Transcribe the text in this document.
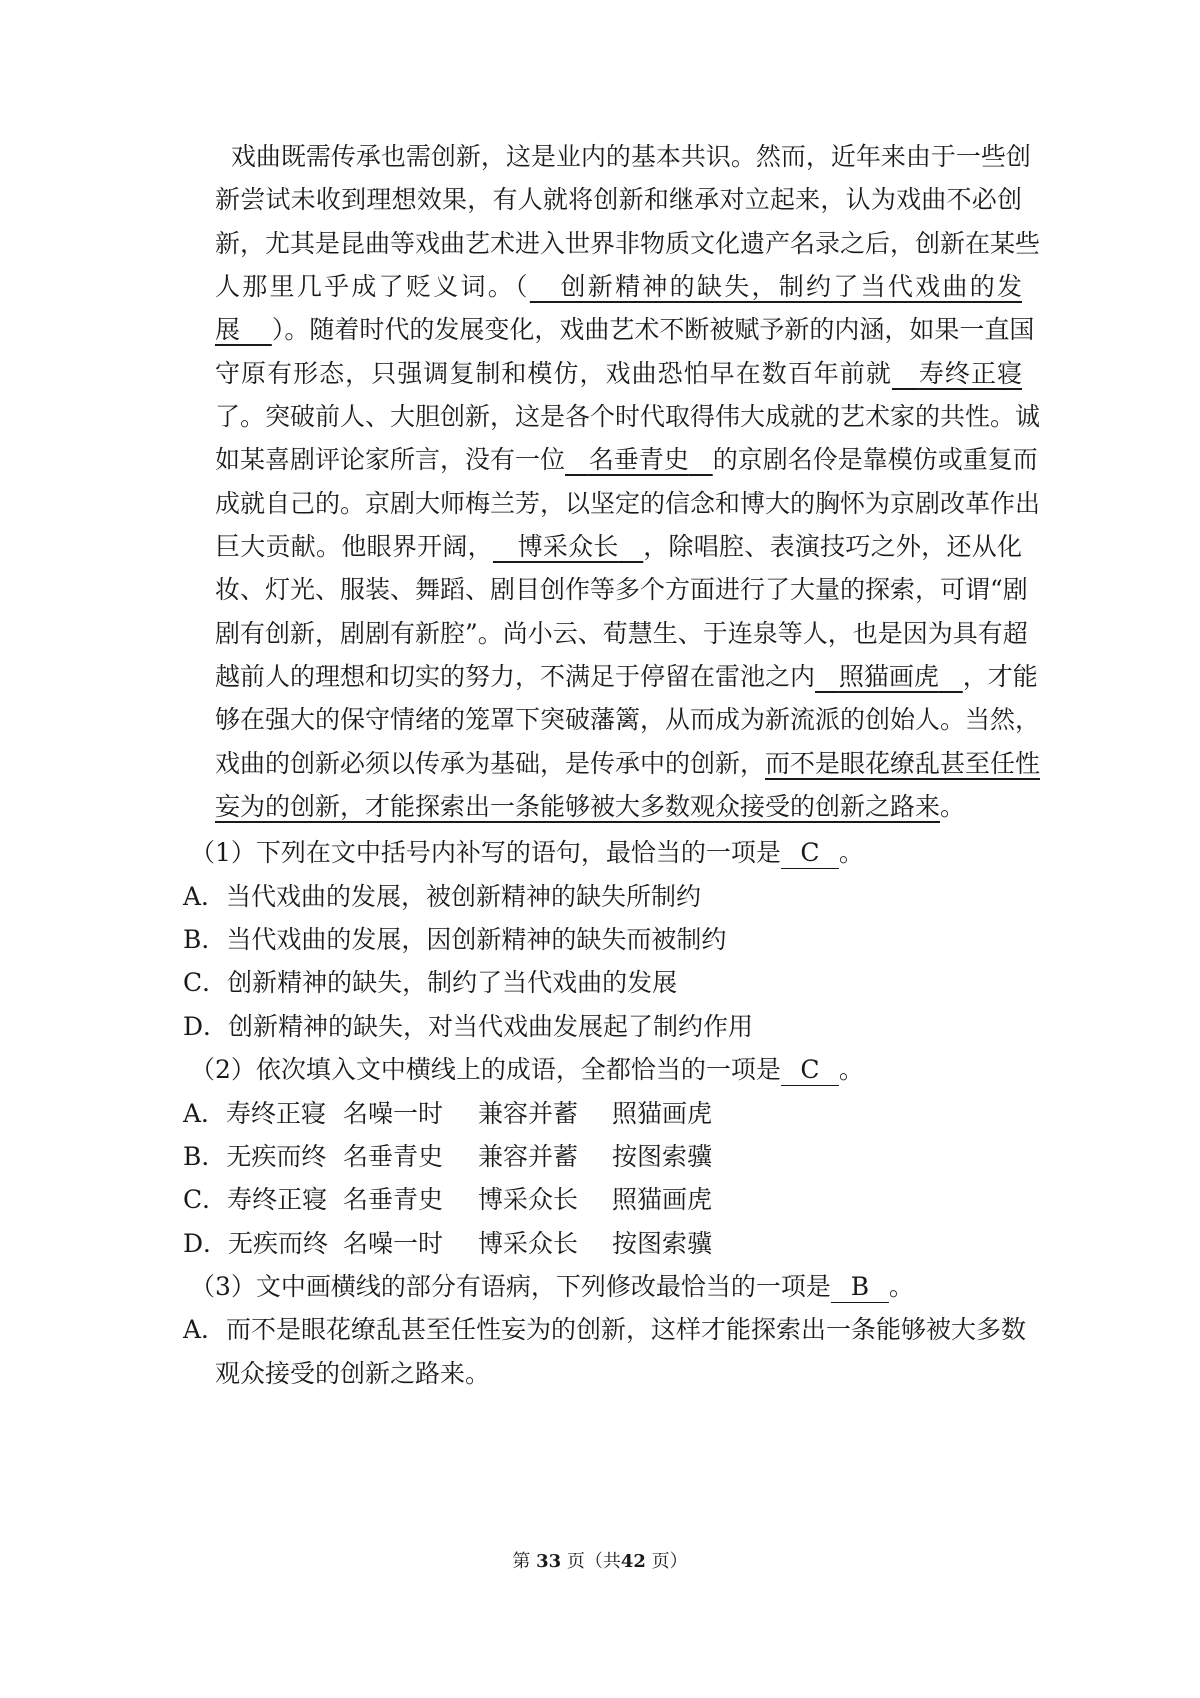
戏曲既需传承也需创新，这是业内的基本共识。然而，近年来由于一些创
新尝试未收到理想效果，有人就将创新和继承对立起来，认为戏曲不必创
新，尤其是昆曲等戏曲艺术进入世界非物质文化遗产名录之后，创新在某些
人那里几乎成了贬义词。（ 创新精神的缺失，制约了当代戏曲的发
展 ）。随着时代的发展变化，戏曲艺术不断被赋予新的内涵，如果一直国
守原有形态，只强调复制和模仿，戏曲恐怕早在数百年前就 寿终正寝
了。突破前人、大胆创新，这是各个时代取得伟大成就的艺术家的共性。诚
如某喜剧评论家所言，没有一位 名垂青史 的京剧名伶是靠模仿或重复而
成就自己的。京剧大师梅兰芳，以坚定的信念和博大的胸怀为京剧改革作出
巨大贡献。他眼界开阔， 博采众长 ，除唱腔、表演技巧之外，还从化
妆、灯光、服装、舞蹈、剧目创作等多个方面进行了大量的探索，可谓“剧
剧有创新，剧剧有新腔”。尚小云、荀慧生、于连泉等人，也是因为具有超
越前人的理想和切实的努力，不满足于停留在雷池之内 照猫画虎 ，才能
够在强大的保守情绪的笼罩下突破藩篱，从而成为新流派的创始人。当然，
戏曲的创新必须以传承为基础，是传承中的创新，而不是眼花缭乱甚至任性
妄为的创新，才能探索出一条能够被大多数观众接受的创新之路来。
（1）下列在文中括号内补写的语句，最恰当的一项是 C 。
A．当代戏曲的发展，被创新精神的缺失所制约
B．当代戏曲的发展，因创新精神的缺失而被制约
C．创新精神的缺失，制约了当代戏曲的发展
D．创新精神的缺失，对当代戏曲发展起了制约作用
（2）依次填入文中横线上的成语，全都恰当的一项是 C 。
A．寿终正寝 名噪一时 兼容并蓄 照猫画虎
B．无疾而终 名垂青史 兼容并蓄 按图索骥
C．寿终正寝 名垂青史 博采众长 照猫画虎
D．无疾而终 名噪一时 博采众长 按图索骥
（3）文中画横线的部分有语病，下列修改最恰当的一项是 B 。
A．而不是眼花缭乱甚至任性妄为的创新，这样才能探索出一条能够被大多数
观众接受的创新之路来。
第 33 页（共42 页）
